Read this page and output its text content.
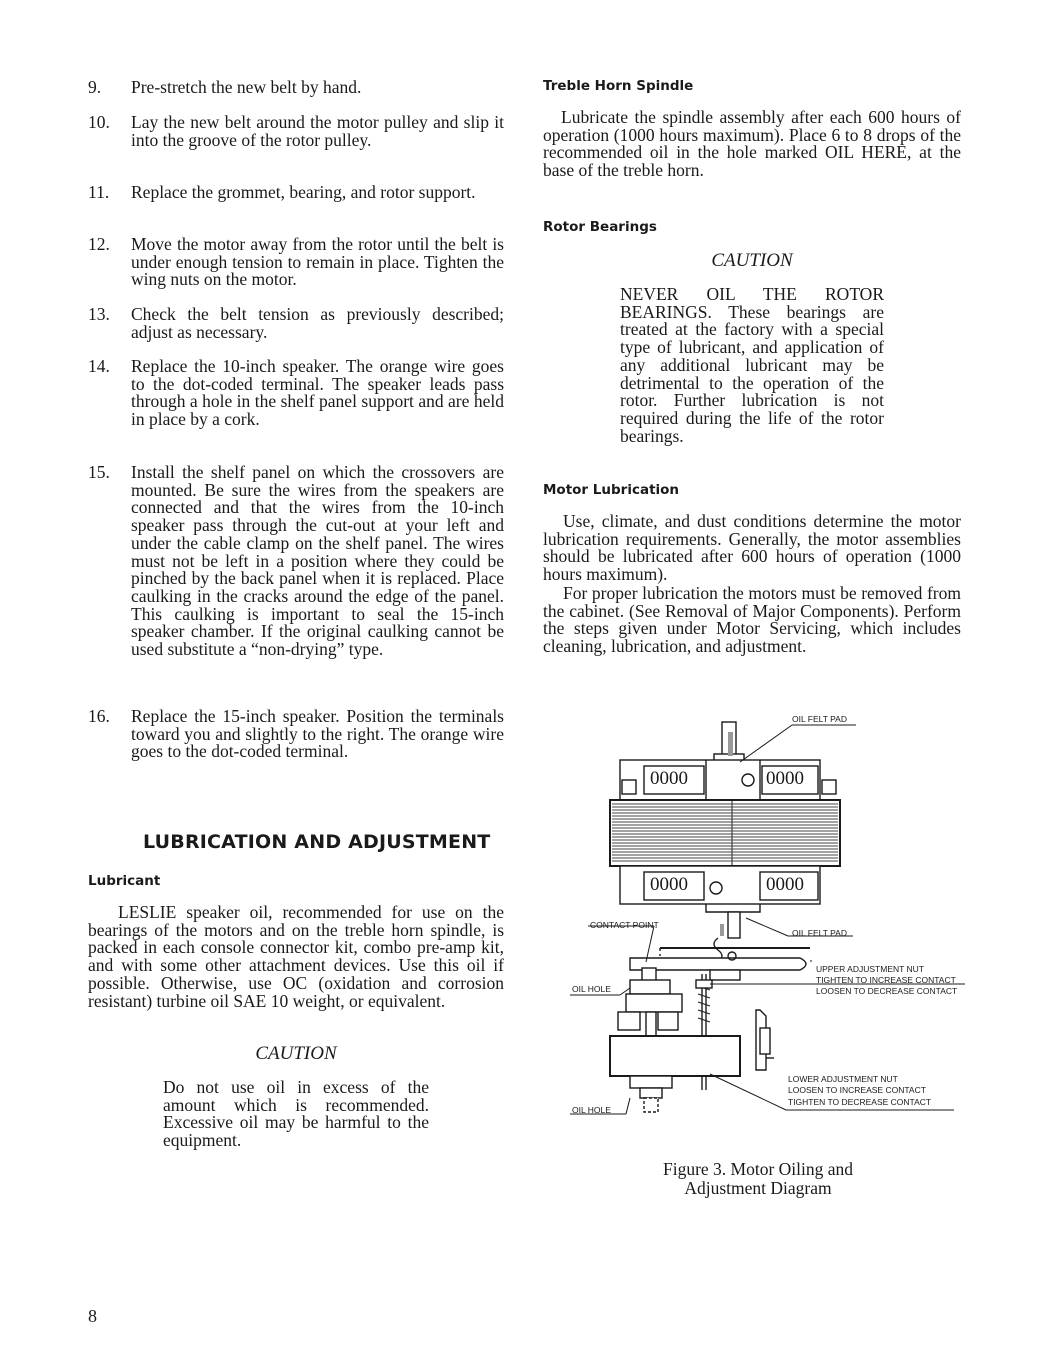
9.	Pre-stretch the new belt by hand.
10.	Lay the new belt around the motor pulley and slip it into the groove of the rotor pulley.
11.	Replace the grommet, bearing, and rotor support.
12.	Move the motor away from the rotor until the belt is under enough tension to remain in place. Tighten the wing nuts on the motor.
13.	Check the belt tension as previously described; adjust as necessary.
14.	Replace the 10-inch speaker. The orange wire goes to the dot-coded terminal. The speaker leads pass through a hole in the shelf panel support and are held in place by a cork.
15.	Install the shelf panel on which the crossovers are mounted. Be sure the wires from the speakers are connected and that the wires from the 10-inch speaker pass through the cut-out at your left and under the cable clamp on the shelf panel. The wires must not be left in a position where they could be pinched by the back panel when it is replaced. Place caulking in the cracks around the edge of the panel. This caulking is important to seal the 15-inch speaker chamber. If the original caulking cannot be used substitute a “non-drying” type.
16.	Replace the 15-inch speaker. Position the terminals toward you and slightly to the right. The orange wire goes to the dot-coded terminal.
LUBRICATION AND ADJUSTMENT
Lubricant

LESLIE speaker oil, recommended for use on the bearings of the motors and on the treble horn spindle, is packed in each console connector kit, combo pre-amp kit, and with some other attachment devices. Use this oil if possible. Otherwise, use OC (oxidation and corrosion resistant) turbine oil SAE 10 weight, or equivalent.

CAUTION

Do not use oil in excess of the amount which is recommended. Excessive oil may be harmful to the equipment.

Treble Horn Spindle

Lubricate the spindle assembly after each 600 hours of operation (1000 hours maximum). Place 6 to 8 drops of the recommended oil in the hole marked OIL HERE, at the base of the treble horn.

Rotor Bearings
CAUTION

NEVER OIL THE ROTOR BEARINGS. These bearings are treated at the factory with a special type of lubricant, and application of any additional lubricant may be detrimental to the operation of the rotor. Further lubrication is not required during the life of the rotor bearings.

Motor Lubrication

Use, climate, and dust conditions determine the motor lubrication requirements. Generally, the motor assemblies should be lubricated after 600 hours of operation (1000 hours maximum).

For proper lubrication the motors must be removed from the cabinet. (See Removal of Major Components). Perform the steps given under Motor Servicing, which includes cleaning, lubrication, and adjustment.

OIL FELT PAD
CONTACT POINT
OIL FELT PAD
UPPER ADJUSTMENT NUT
TIGHTEN TO INCREASE CONTACT
LOOSEN TO DECREASE CONTACT
OIL HOLE
LOWER ADJUSTMENT NUT
LOOSEN TO INCREASE CONTACT
TIGHTEN TO DECREASE CONTACT
OIL HOLE
0000	0000
0000	0000
Figure 3. Motor Oiling and
Adjustment Diagram
8
